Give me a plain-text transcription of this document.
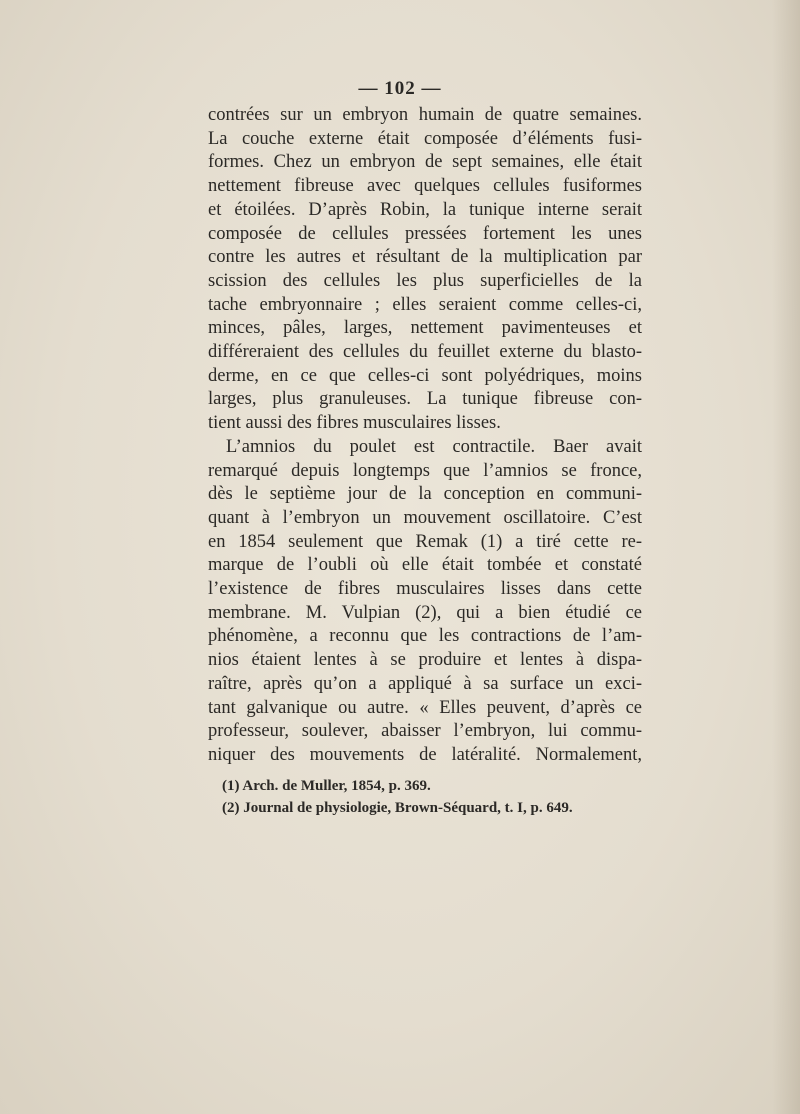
— 102 —
contrées sur un embryon humain de quatre semaines.
La couche externe était composée d’éléments fusi-
formes. Chez un embryon de sept semaines, elle était
nettement fibreuse avec quelques cellules fusiformes
et étoilées. D’après Robin, la tunique interne serait
composée de cellules pressées fortement les unes
contre les autres et résultant de la multiplication par
scission des cellules les plus superficielles de la
tache embryonnaire ; elles seraient comme celles-ci,
minces, pâles, larges, nettement pavimenteuses et
différeraient des cellules du feuillet externe du blasto-
derme, en ce que celles-ci sont polyédriques, moins
larges, plus granuleuses. La tunique fibreuse con-
tient aussi des fibres musculaires lisses.
L’amnios du poulet est contractile. Baer avait
remarqué depuis longtemps que l’amnios se fronce,
dès le septième jour de la conception en communi-
quant à l’embryon un mouvement oscillatoire. C’est
en 1854 seulement que Remak (1) a tiré cette re-
marque de l’oubli où elle était tombée et constaté
l’existence de fibres musculaires lisses dans cette
membrane. M. Vulpian (2), qui a bien étudié ce
phénomène, a reconnu que les contractions de l’am-
nios étaient lentes à se produire et lentes à dispa-
raître, après qu’on a appliqué à sa surface un exci-
tant galvanique ou autre. « Elles peuvent, d’après ce
professeur, soulever, abaisser l’embryon, lui commu-
niquer des mouvements de latéralité. Normalement,
(1) Arch. de Muller, 1854, p. 369.
(2) Journal de physiologie, Brown-Séquard, t. I, p. 649.
